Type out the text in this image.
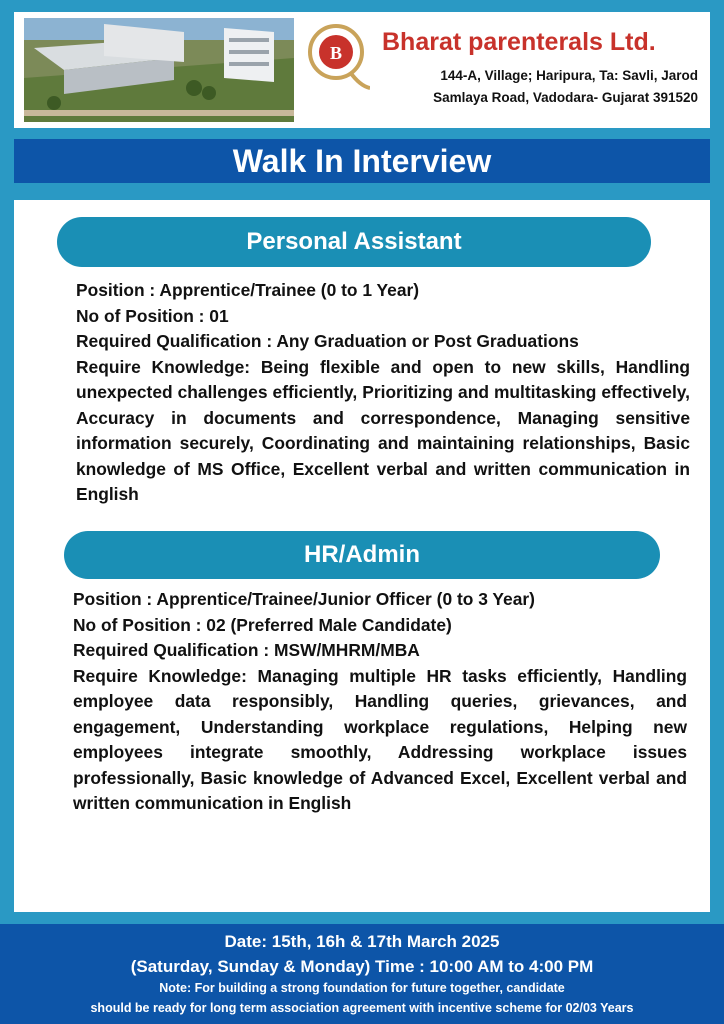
B Bharat parenterals Ltd.
144-A, Village; Haripura, Ta: Savli, Jarod
Samlaya Road, Vadodara- Gujarat 391520
Walk In Interview
Personal Assistant
Position : Apprentice/Trainee (0 to 1 Year)
No of Position : 01
Required Qualification : Any Graduation or Post Graduations
Require Knowledge: Being flexible and open to new skills, Handling unexpected challenges efficiently, Prioritizing and multitasking effectively, Accuracy in documents and correspondence, Managing sensitive information securely, Coordinating and maintaining relationships, Basic knowledge of MS Office, Excellent verbal and written communication in English
HR/Admin
Position : Apprentice/Trainee/Junior Officer (0 to 3 Year)
No of Position : 02 (Preferred Male Candidate)
Required Qualification : MSW/MHRM/MBA
Require Knowledge: Managing multiple HR tasks efficiently, Handling employee data responsibly, Handling queries, grievances, and engagement, Understanding workplace regulations, Helping new employees integrate smoothly, Addressing workplace issues professionally, Basic knowledge of Advanced Excel, Excellent verbal and written communication in English
Date: 15th, 16h & 17th March 2025
(Saturday, Sunday & Monday) Time : 10:00 AM to 4:00 PM
Note: For building a strong foundation for future together, candidate
should be ready for long term association agreement with incentive scheme for 02/03 Years
